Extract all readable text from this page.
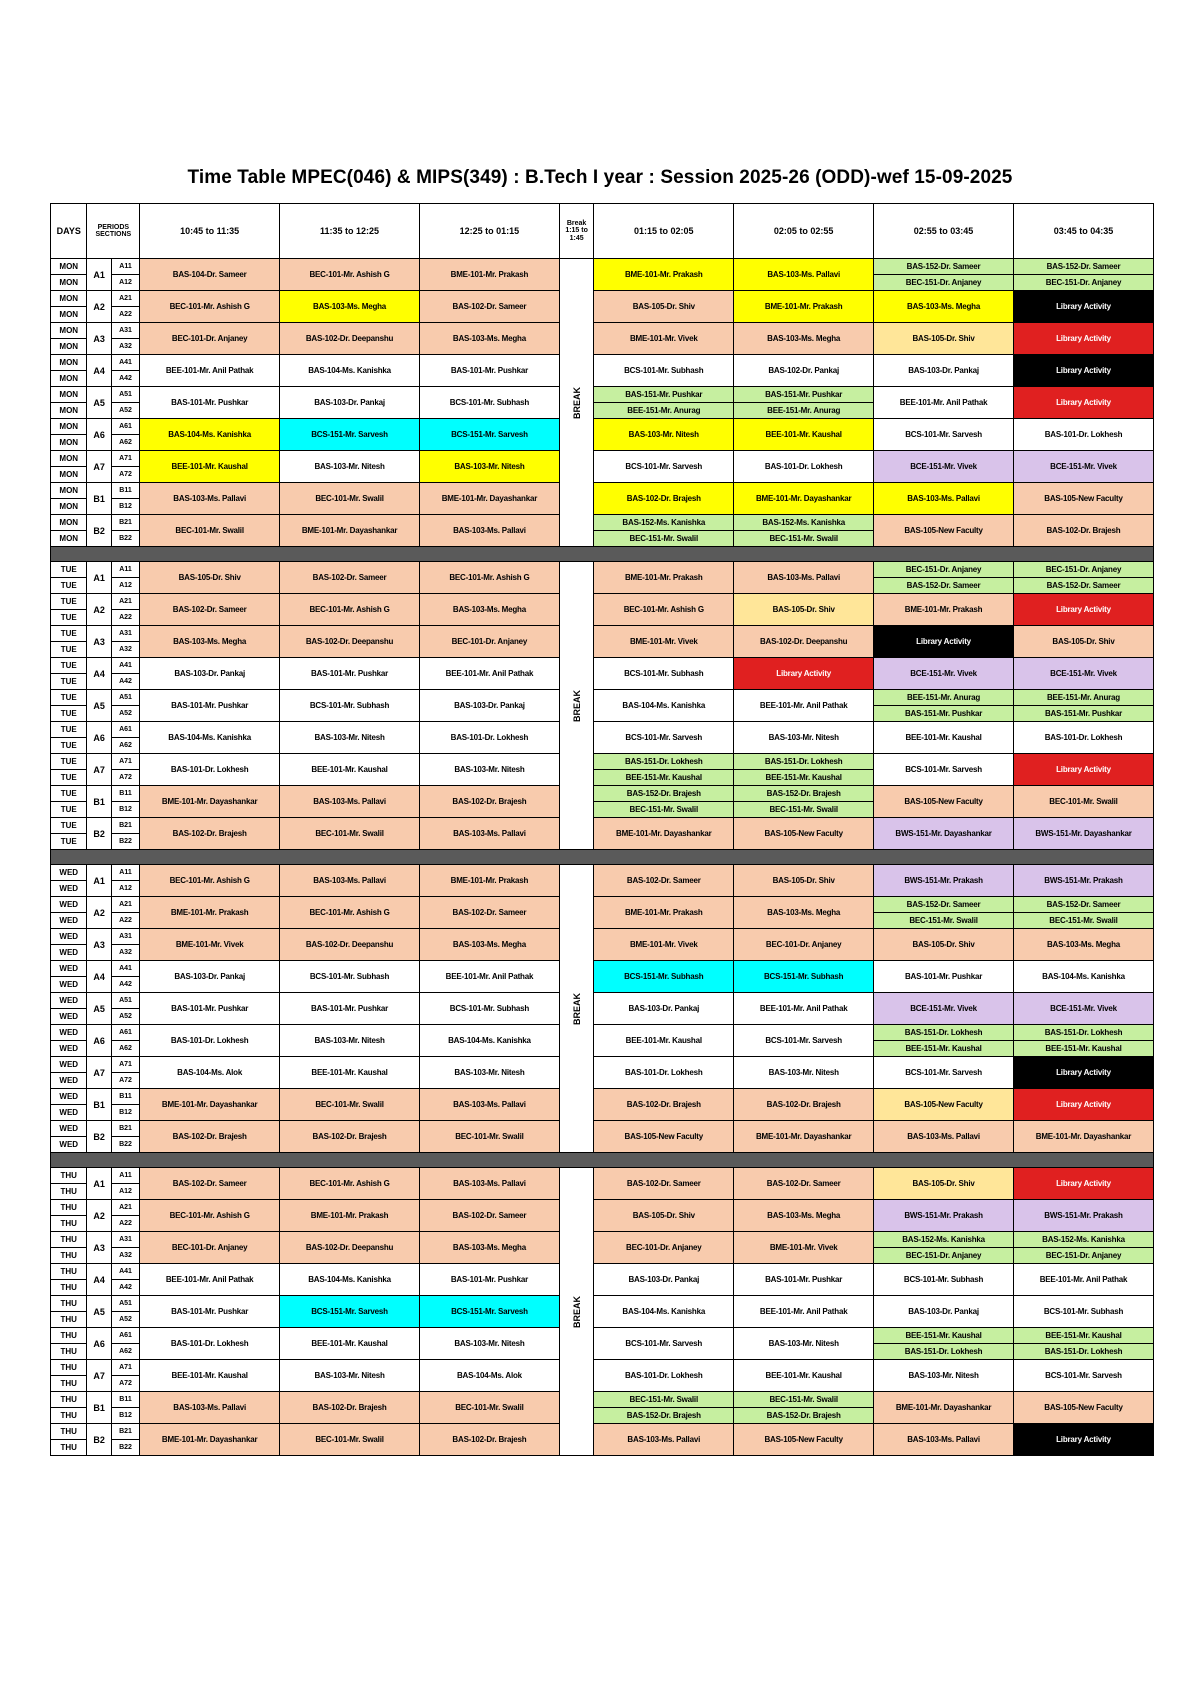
Time Table MPEC(046) & MIPS(349) : B.Tech I year : Session 2025-26 (ODD)-wef 15-09-2025
DAYS	PERIODS SECTIONS		10:45 to 11:35	11:35 to 12:25	12:25 to 01:15	Break 1:15 to 1:45	01:15 to 02:05	02:05 to 02:55	02:55 to 03:45	03:45 to 04:35
MON	A1	A11	BAS-104-Dr. Sameer	BEC-101-Mr. Ashish G	BME-101-Mr. Prakash	BREAK	BME-101-Mr. Prakash	BAS-103-Ms. Pallavi	BAS-152-Dr. Sameer	BAS-152-Dr. Sameer
MON		A12							BEC-151-Dr. Anjaney	BEC-151-Dr. Anjaney
MON	A2	A21	BEC-101-Mr. Ashish G	BAS-103-Ms. Megha	BAS-102-Dr. Sameer		BAS-105-Dr. Shiv	BME-101-Mr. Prakash	BAS-103-Ms. Megha	Library Activity
MON		A22								
MON	A3	A31	BEC-101-Dr. Anjaney	BAS-102-Dr. Deepanshu	BAS-103-Ms. Megha		BME-101-Mr. Vivek	BAS-103-Ms. Megha	BAS-105-Dr. Shiv	Library Activity
MON		A32								
MON	A4	A41	BEE-101-Mr. Anil Pathak	BAS-104-Ms. Kanishka	BAS-101-Mr. Pushkar		BCS-101-Mr. Subhash	BAS-102-Dr. Pankaj	BAS-103-Dr. Pankaj	Library Activity
MON		A42								
MON	A5	A51	BAS-101-Mr. Pushkar	BAS-103-Dr. Pankaj	BCS-101-Mr. Subhash		BAS-151-Mr. Pushkar	BAS-151-Mr. Pushkar	BEE-101-Mr. Anil Pathak	Library Activity
MON		A52					BEE-151-Mr. Anurag	BEE-151-Mr. Anurag		
MON	A6	A61	BAS-104-Ms. Kanishka	BCS-151-Mr. Sarvesh	BCS-151-Mr. Sarvesh		BAS-103-Mr. Nitesh	BEE-101-Mr. Kaushal	BCS-101-Mr. Sarvesh	BAS-101-Dr. Lokhesh
MON		A62								
MON	A7	A71	BEE-101-Mr. Kaushal	BAS-103-Mr. Nitesh	BAS-103-Mr. Nitesh		BCS-101-Mr. Sarvesh	BAS-101-Dr. Lokhesh	BCE-151-Mr. Vivek	BCE-151-Mr. Vivek
MON		A72								
MON	B1	B11	BAS-103-Ms. Pallavi	BEC-101-Mr. Swalil	BME-101-Mr. Dayashankar		BAS-102-Dr. Brajesh	BME-101-Mr. Dayashankar	BAS-103-Ms. Pallavi	BAS-105-New Faculty
MON		B12								
MON	B2	B21	BEC-101-Mr. Swalil	BME-101-Mr. Dayashankar	BAS-103-Ms. Pallavi		BAS-152-Ms. Kanishka	BAS-152-Ms. Kanishka	BAS-105-New Faculty	BAS-102-Dr. Brajesh
MON		B22					BEC-151-Mr. Swalil	BEC-151-Mr. Swalil		

TUE	A1	A11	BAS-105-Dr. Shiv	BAS-102-Dr. Sameer	BEC-101-Mr. Ashish G	BREAK	BME-101-Mr. Prakash	BAS-103-Ms. Pallavi	BEC-151-Dr. Anjaney	BEC-151-Dr. Anjaney
TUE		A12							BAS-152-Dr. Sameer	BAS-152-Dr. Sameer
TUE	A2	A21	BAS-102-Dr. Sameer	BEC-101-Mr. Ashish G	BAS-103-Ms. Megha		BEC-101-Mr. Ashish G	BAS-105-Dr. Shiv	BME-101-Mr. Prakash	Library Activity
TUE		A22								
TUE	A3	A31	BAS-103-Ms. Megha	BAS-102-Dr. Deepanshu	BEC-101-Dr. Anjaney		BME-101-Mr. Vivek	BAS-102-Dr. Deepanshu	Library Activity	BAS-105-Dr. Shiv
TUE		A32								
TUE	A4	A41	BAS-103-Dr. Pankaj	BAS-101-Mr. Pushkar	BEE-101-Mr. Anil Pathak		BCS-101-Mr. Subhash	Library Activity	BCE-151-Mr. Vivek	BCE-151-Mr. Vivek
TUE		A42								
TUE	A5	A51	BAS-101-Mr. Pushkar	BCS-101-Mr. Subhash	BAS-103-Dr. Pankaj		BAS-104-Ms. Kanishka	BEE-101-Mr. Anil Pathak	BEE-151-Mr. Anurag	BEE-151-Mr. Anurag
TUE		A52							BAS-151-Mr. Pushkar	BAS-151-Mr. Pushkar
TUE	A6	A61	BAS-104-Ms. Kanishka	BAS-103-Mr. Nitesh	BAS-101-Dr. Lokhesh		BCS-101-Mr. Sarvesh	BAS-103-Mr. Nitesh	BEE-101-Mr. Kaushal	BAS-101-Dr. Lokhesh
TUE		A62								
TUE	A7	A71	BAS-101-Dr. Lokhesh	BEE-101-Mr. Kaushal	BAS-103-Mr. Nitesh		BAS-151-Dr. Lokhesh	BAS-151-Dr. Lokhesh	BCS-101-Mr. Sarvesh	Library Activity
TUE		A72					BEE-151-Mr. Kaushal	BEE-151-Mr. Kaushal		
TUE	B1	B11	BME-101-Mr. Dayashankar	BAS-103-Ms. Pallavi	BAS-102-Dr. Brajesh		BAS-152-Dr. Brajesh	BAS-152-Dr. Brajesh	BAS-105-New Faculty	BEC-101-Mr. Swalil
TUE		B12					BEC-151-Mr. Swalil	BEC-151-Mr. Swalil		
TUE	B2	B21	BAS-102-Dr. Brajesh	BEC-101-Mr. Swalil	BAS-103-Ms. Pallavi		BME-101-Mr. Dayashankar	BAS-105-New Faculty	BWS-151-Mr. Dayashankar	BWS-151-Mr. Dayashankar
TUE		B22								

WED	A1	A11	BEC-101-Mr. Ashish G	BAS-103-Ms. Pallavi	BME-101-Mr. Prakash	BREAK	BAS-102-Dr. Sameer	BAS-105-Dr. Shiv	BWS-151-Mr. Prakash	BWS-151-Mr. Prakash
WED		A12								
WED	A2	A21	BME-101-Mr. Prakash	BEC-101-Mr. Ashish G	BAS-102-Dr. Sameer		BME-101-Mr. Prakash	BAS-103-Ms. Megha	BAS-152-Dr. Sameer	BAS-152-Dr. Sameer
WED		A22							BEC-151-Mr. Swalil	BEC-151-Mr. Swalil
WED	A3	A31	BME-101-Mr. Vivek	BAS-102-Dr. Deepanshu	BAS-103-Ms. Megha		BME-101-Mr. Vivek	BEC-101-Dr. Anjaney	BAS-105-Dr. Shiv	BAS-103-Ms. Megha
WED		A32								
WED	A4	A41	BAS-103-Dr. Pankaj	BCS-101-Mr. Subhash	BEE-101-Mr. Anil Pathak		BCS-151-Mr. Subhash	BCS-151-Mr. Subhash	BAS-101-Mr. Pushkar	BAS-104-Ms. Kanishka
WED		A42								
WED	A5	A51	BAS-101-Mr. Pushkar	BAS-101-Mr. Pushkar	BCS-101-Mr. Subhash		BAS-103-Dr. Pankaj	BEE-101-Mr. Anil Pathak	BCE-151-Mr. Vivek	BCE-151-Mr. Vivek
WED		A52								
WED	A6	A61	BAS-101-Dr. Lokhesh	BAS-103-Mr. Nitesh	BAS-104-Ms. Kanishka		BEE-101-Mr. Kaushal	BCS-101-Mr. Sarvesh	BAS-151-Dr. Lokhesh	BAS-151-Dr. Lokhesh
WED		A62							BEE-151-Mr. Kaushal	BEE-151-Mr. Kaushal
WED	A7	A71	BAS-104-Ms. Alok	BEE-101-Mr. Kaushal	BAS-103-Mr. Nitesh		BAS-101-Dr. Lokhesh	BAS-103-Mr. Nitesh	BCS-101-Mr. Sarvesh	Library Activity
WED		A72								
WED	B1	B11	BME-101-Mr. Dayashankar	BEC-101-Mr. Swalil	BAS-103-Ms. Pallavi		BAS-102-Dr. Brajesh	BAS-102-Dr. Brajesh	BAS-105-New Faculty	Library Activity
WED		B12								
WED	B2	B21	BAS-102-Dr. Brajesh	BAS-102-Dr. Brajesh	BEC-101-Mr. Swalil		BAS-105-New Faculty	BME-101-Mr. Dayashankar	BAS-103-Ms. Pallavi	BME-101-Mr. Dayashankar
WED		B22								

THU	A1	A11	BAS-102-Dr. Sameer	BEC-101-Mr. Ashish G	BAS-103-Ms. Pallavi	BREAK	BAS-102-Dr. Sameer	BAS-102-Dr. Sameer	BAS-105-Dr. Shiv	Library Activity
THU		A12								
THU	A2	A21	BEC-101-Mr. Ashish G	BME-101-Mr. Prakash	BAS-102-Dr. Sameer		BAS-105-Dr. Shiv	BAS-103-Ms. Megha	BWS-151-Mr. Prakash	BWS-151-Mr. Prakash
THU		A22								
THU	A3	A31	BEC-101-Dr. Anjaney	BAS-102-Dr. Deepanshu	BAS-103-Ms. Megha		BEC-101-Dr. Anjaney	BME-101-Mr. Vivek	BAS-152-Ms. Kanishka	BAS-152-Ms. Kanishka
THU		A32							BEC-151-Dr. Anjaney	BEC-151-Dr. Anjaney
THU	A4	A41	BEE-101-Mr. Anil Pathak	BAS-104-Ms. Kanishka	BAS-101-Mr. Pushkar		BAS-103-Dr. Pankaj	BAS-101-Mr. Pushkar	BCS-101-Mr. Subhash	BEE-101-Mr. Anil Pathak
THU		A42								
THU	A5	A51	BAS-101-Mr. Pushkar	BCS-151-Mr. Sarvesh	BCS-151-Mr. Sarvesh		BAS-104-Ms. Kanishka	BEE-101-Mr. Anil Pathak	BAS-103-Dr. Pankaj	BCS-101-Mr. Subhash
THU		A52								
THU	A6	A61	BAS-101-Dr. Lokhesh	BEE-101-Mr. Kaushal	BAS-103-Mr. Nitesh		BCS-101-Mr. Sarvesh	BAS-103-Mr. Nitesh	BEE-151-Mr. Kaushal	BEE-151-Mr. Kaushal
THU		A62							BAS-151-Dr. Lokhesh	BAS-151-Dr. Lokhesh
THU	A7	A71	BEE-101-Mr. Kaushal	BAS-103-Mr. Nitesh	BAS-104-Ms. Alok		BAS-101-Dr. Lokhesh	BEE-101-Mr. Kaushal	BAS-103-Mr. Nitesh	BCS-101-Mr. Sarvesh
THU		A72								
THU	B1	B11	BAS-103-Ms. Pallavi	BAS-102-Dr. Brajesh	BEC-101-Mr. Swalil		BEC-151-Mr. Swalil	BEC-151-Mr. Swalil	BME-101-Mr. Dayashankar	BAS-105-New Faculty
THU		B12					BAS-152-Dr. Brajesh	BAS-152-Dr. Brajesh		
THU	B2	B21	BME-101-Mr. Dayashankar	BEC-101-Mr. Swalil	BAS-102-Dr. Brajesh		BAS-103-Ms. Pallavi	BAS-105-New Faculty	BAS-103-Ms. Pallavi	Library Activity
THU		B22								
